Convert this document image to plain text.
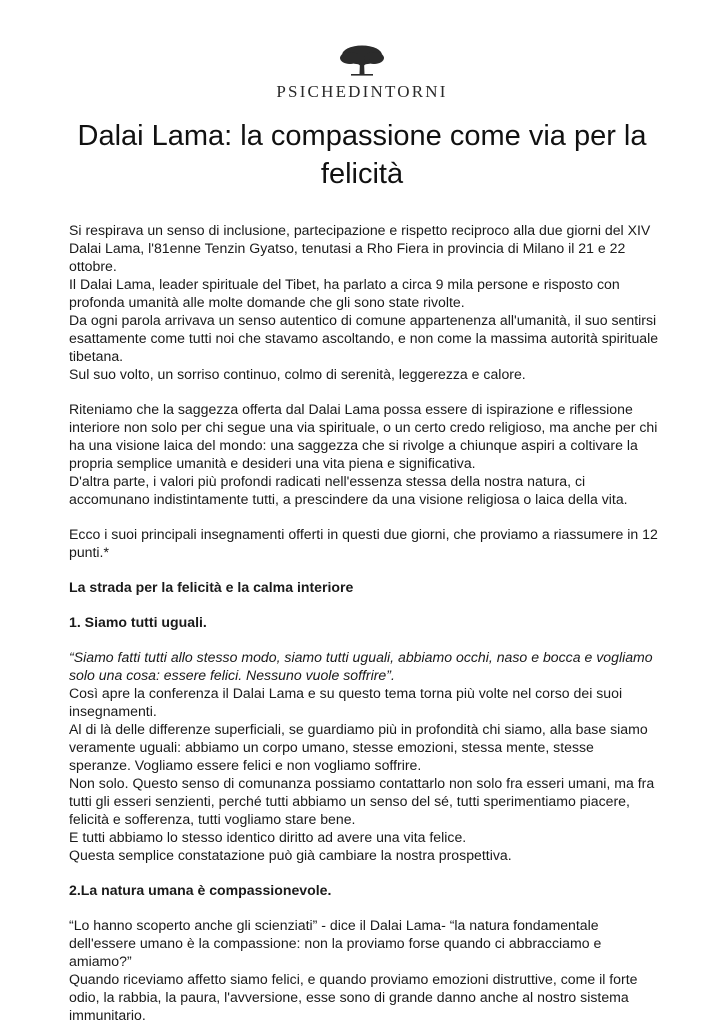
PSICHEDINTORNI
Dalai Lama: la compassione come via per la felicità

Si respirava un senso di inclusione, partecipazione e rispetto reciproco alla due giorni del XIV Dalai Lama, l'81enne Tenzin Gyatso, tenutasi a Rho Fiera in provincia di Milano il 21 e 22 ottobre.

Il Dalai Lama, leader spirituale del Tibet, ha parlato a circa 9 mila persone e risposto con profonda umanità alle molte domande che gli sono state rivolte.

Da ogni parola arrivava un senso autentico di comune appartenenza all'umanità, il suo sentirsi esattamente come tutti noi che stavamo ascoltando, e non come la massima autorità spirituale tibetana.

Sul suo volto, un sorriso continuo, colmo di serenità, leggerezza e calore.

Riteniamo che la saggezza offerta dal Dalai Lama possa essere di ispirazione e riflessione interiore non solo per chi segue una via spirituale, o un certo credo religioso, ma anche per chi ha una visione laica del mondo: una saggezza che si rivolge a chiunque aspiri a coltivare la propria semplice umanità e desideri una vita piena e significativa.

D'altra parte, i valori più profondi radicati nell'essenza stessa della nostra natura, ci accomunano indistintamente tutti, a prescindere da una visione religiosa o laica della vita.

Ecco i suoi principali insegnamenti offerti in questi due giorni, che proviamo a riassumere in 12 punti.*

La strada per la felicità e la calma interiore

1. Siamo tutti uguali.

“Siamo fatti tutti allo stesso modo, siamo tutti uguali, abbiamo occhi, naso e bocca e vogliamo solo una cosa: essere felici. Nessuno vuole soffrire”.

Così apre la conferenza il Dalai Lama e su questo tema torna più volte nel corso dei suoi insegnamenti.

Al di là delle differenze superficiali, se guardiamo più in profondità chi siamo, alla base siamo veramente uguali: abbiamo un corpo umano, stesse emozioni, stessa mente, stesse speranze. Vogliamo essere felici e non vogliamo soffrire.

Non solo. Questo senso di comunanza possiamo contattarlo non solo fra esseri umani, ma fra tutti gli esseri senzienti, perché tutti abbiamo un senso del sé, tutti sperimentiamo piacere, felicità e sofferenza, tutti vogliamo stare bene.

E tutti abbiamo lo stesso identico diritto ad avere una vita felice.

Questa semplice constatazione può già cambiare la nostra prospettiva.

2.La natura umana è compassionevole.

“Lo hanno scoperto anche gli scienziati” - dice il Dalai Lama- “la natura fondamentale dell'essere umano è la compassione: non la proviamo forse quando ci abbracciamo e amiamo?”

Quando riceviamo affetto siamo felici, e quando proviamo emozioni distruttive, come il forte odio, la rabbia, la paura, l'avversione, esse sono di grande danno anche al nostro sistema immunitario.
